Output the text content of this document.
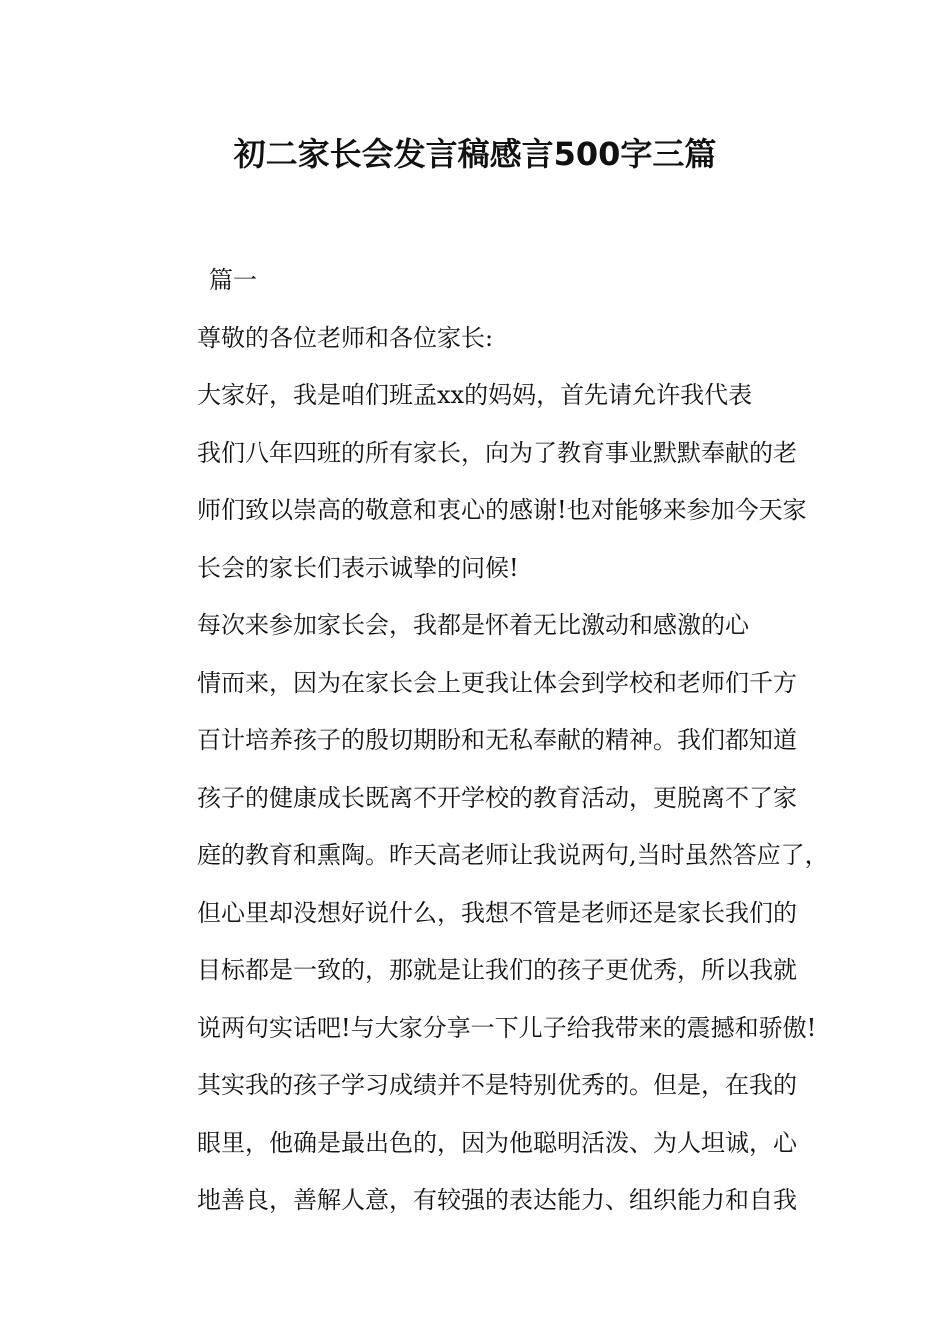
初二家长会发言稿感言500字三篇

篇一

尊敬的各位老师和各位家长:

大家好，我是咱们班孟xx的妈妈，首先请允许我代表
我们八年四班的所有家长，向为了教育事业默默奉献的老
师们致以崇高的敬意和衷心的感谢!也对能够来参加今天家
长会的家长们表示诚挚的问候!
每次来参加家长会，我都是怀着无比激动和感激的心
情而来，因为在家长会上更我让体会到学校和老师们千方
百计培养孩子的殷切期盼和无私奉献的精神。我们都知道
孩子的健康成长既离不开学校的教育活动，更脱离不了家
庭的教育和熏陶。昨天高老师让我说两句,当时虽然答应了，
但心里却没想好说什么，我想不管是老师还是家长我们的
目标都是一致的，那就是让我们的孩子更优秀，所以我就
说两句实话吧!与大家分享一下儿子给我带来的震撼和骄傲!
其实我的孩子学习成绩并不是特别优秀的。但是，在我的
眼里，他确是最出色的，因为他聪明活泼、为人坦诚，心
地善良，善解人意，有较强的表达能力、组织能力和自我
